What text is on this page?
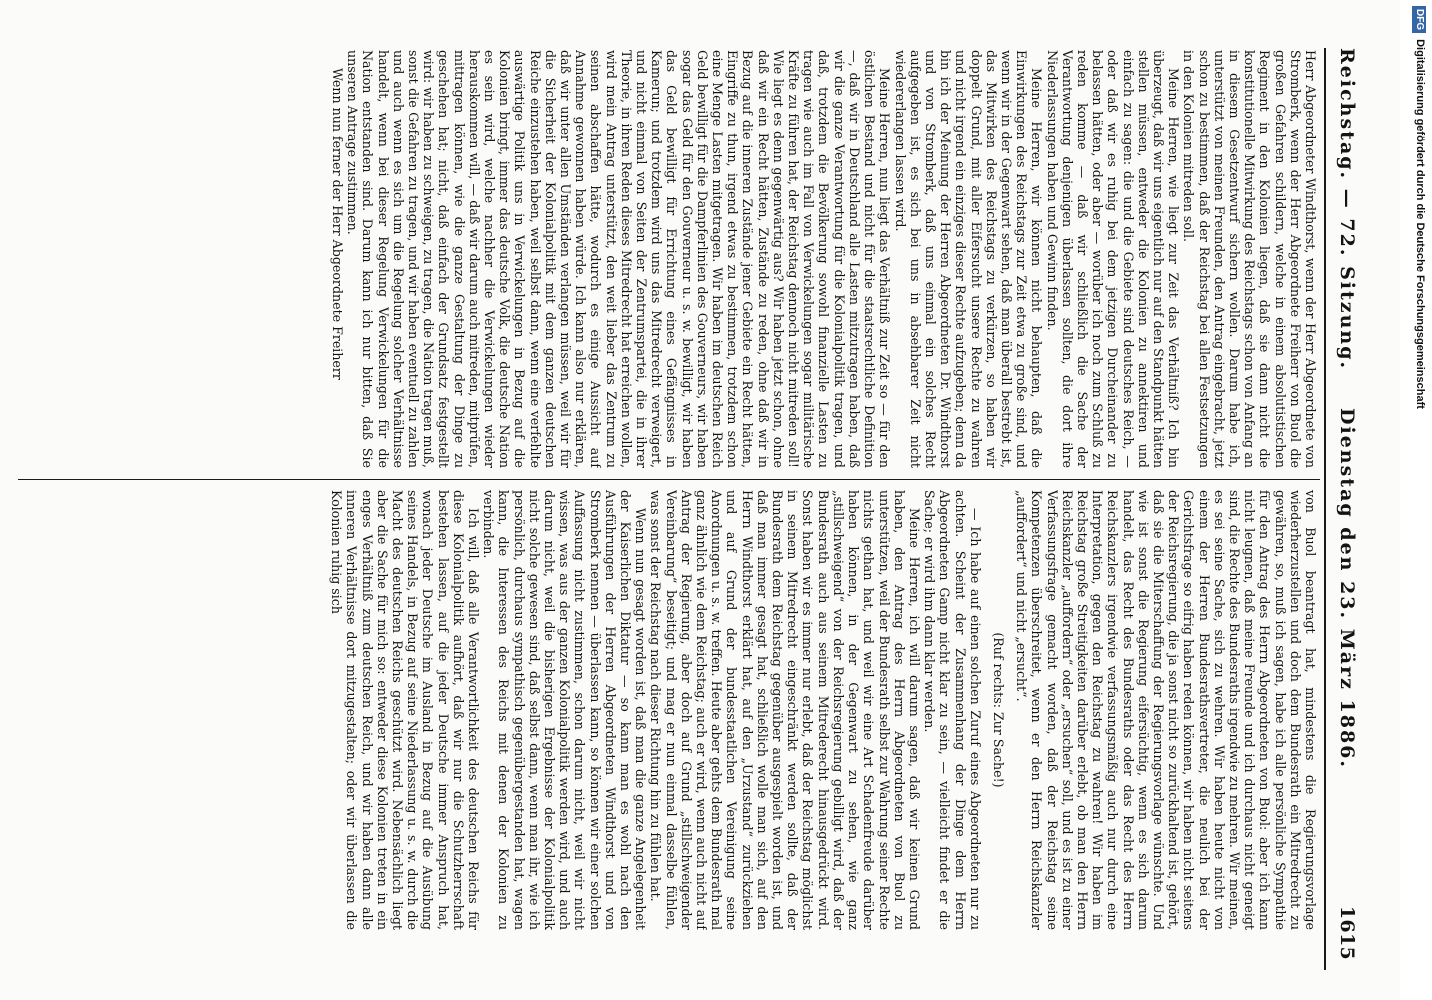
Reichstag. — 72. Sitzung.
Dienstag den 23. März 1886.
1615

Herr Abgeordneter Windthorst, wenn der Herr Abgeordnete von Stromberk, wenn der Herr Abgeordnete Freiherr von Buol die großen Gefahren schildern, welche in einem absolutistischen Regiment in den Kolonien liegen, daß sie dann nicht die konstitutionelle Mitwirkung des Reichstags schon von Anfang an in diesem Gesetzentwurf sichern wollen. Darum habe ich, unterstützt von meinen Freunden, den Antrag eingebracht, jetzt schon zu bestimmen, daß der Reichstag bei allen Festsetzungen in den Kolonien mitreden soll.

Meine Herren, wie liegt zur Zeit das Verhältniß? Ich bin überzeugt, daß wir uns eigentlich nur auf den Standpunkt hätten stellen müssen, entweder die Kolonien zu annektiren und einfach zu sagen: die und die Gebiete sind deutsches Reich, — oder daß wir es ruhig bei dem jetzigen Durcheinander zu belassen hätten, oder aber — worüber ich noch zum Schluß zu reden komme — daß wir schließlich die Sache der Verantwortung denjenigen überlassen sollten, die dort ihre Niederlassungen haben und Gewinn finden.

Meine Herren, wir können nicht behaupten, daß die Einwirkungen des Reichstags zur Zeit etwa zu große sind, und wenn wir in der Gegenwart sehen, daß man überall bestrebt ist, das Mitwirken des Reichstags zu verkürzen, so haben wir doppelt Grund, mit aller Eifersucht unsere Rechte zu wahren und nicht irgend ein einziges dieser Rechte aufzugeben; denn da bin ich der Meinung der Herren Abgeordneten Dr. Windthorst und von Stromberk, daß uns einmal ein solches Recht aufgegeben ist, es sich bei uns in absehbarer Zeit nicht wiedererlangen lassen wird.

Meine Herren, nun liegt das Verhältniß zur Zeit so — für den östlichen Bestand und nicht für die staatsrechtliche Definition —, daß wir in Deutschland alle Lasten mitzutragen haben, daß wir die ganze Verantwortung für die Kolonialpolitik tragen, und daß, trotzdem die Bevölkerung sowohl finanzielle Lasten zu tragen wie auch im Fall von Verwickelungen sogar militärische Kräfte zu führen hat, der Reichstag dennoch nicht mitreden soll! Wie liegt es denn gegenwärtig aus? Wir haben jetzt schon, ohne daß wir ein Recht hätten, Zustände zu reden, ohne daß wir in Bezug auf die inneren Zustände jener Gebiete ein Recht hätten, Eingriffe zu thun, irgend etwas zu bestimmen, trotzdem schon eine Menge Lasten mitgetragen. Wir haben im deutschen Reich Geld bewilligt für die Dampferlinien des Gouverneurs, wir haben sogar das Geld für den Gouverneur u. s. w. bewilligt, wir haben das Geld bewilligt für Errichtung eines Gefängnisses in Kamerun; und trotzdem wird uns das Mitredrecht verweigert, und nicht einmal von Seiten der Zentrumspartei, die in ihrer Theorie, in ihren Reden dieses Mitredrecht hat erreichen wollen, wird mein Antrag unterstützt, den weit lieber das Zentrum zu seinen abschaffen hätte, wodurch es einige Aussicht auf Annahme gewonnen haben würde. Ich kann also nur erklären, daß wir unter allen Umständen verlangen müssen, weil wir für die Sicherheit der Kolonialpolitik mit dem ganzen deutschen Reiche einzustehen haben, weil selbst dann, wenn eine verfehlte auswärtige Politik uns in Verwickelungen in Bezug auf die Kolonien bringt, immer das deutsche Volk, die deutsche Nation es sein wird, welche nachher die Verwickelungen wieder herauskommen will, — daß wir darum auch mitreden, mitprüfen, mittragen können, wie die ganze Gestaltung der Dinge zu geschehen hat; nicht, daß einfach der Grundsatz festgestellt wird: wir haben zu schweigen, zu tragen, die Nation tragen muß, sonst die Gefahren zu tragen, und wir haben eventuell zu zahlen und auch wenn es sich um die Regelung solcher Verhältnisse handelt, wenn bei dieser Regelung Verwickelungen für die Nation entstanden sind. Darum kann ich nur bitten, daß Sie unseren Antrage zustimmen.

Wenn nun ferner der Herr Abgeordnete Freiherr

von Buol beantragt hat, mindestens die Regierungsvorlage wiederherzustellen und doch dem Bundesrath ein Mitredrecht zu gewähren, so, muß ich sagen, habe ich alle persönliche Sympathie für den Antrag des Herrn Abgeordneten von Buol: aber ich kann nicht leugnen, daß meine Freunde und ich durchaus nicht geneigt sind, die Rechte des Bundesraths irgendwie zu mehren. Wir meinen, es sei seine Sache, sich zu wehren. Wir haben heute nicht von einem der Herren Bundesrathsvertreter, die neulich bei der Gerichtsfrage so eifrig haben reden können, wir haben nicht seitens der Reichsregierung, die ja sonst nicht so zurückhaltend ist, gehört, daß sie die Miterschaffung der Regierungsvorlage wünschte. Und wie ist sonst die Regierung eifersüchtig, wenn es sich darum handelt, das Recht des Bundesraths oder das Recht des Herrn Reichskanzlers irgendwie verfassungsmäßig auch nur durch eine Interpretation, gegen den Reichstag zu wahren! Wir haben im Reichstag große Streitigkeiten darüber erlebt, ob man den Herrn Reichskanzler „auffordern“ oder „ersuchen“ soll, und es ist zu einer Verfassungsfrage gemacht worden, daß der Reichstag seine Kompetenzen überschreitet, wenn er den Herrn Reichskanzler „auffordert“ und nicht „ersucht“.

(Ruf rechts: Zur Sache!)

— Ich habe auf einen solchen Zuruf eines Abgeordneten nur zu achten. Scheint der Zusammenhang der Dinge dem Herrn Abgeordneten Gamp nicht klar zu sein, — vielleicht findet er die Sache; er wird ihm dann klar werden.

Meine Herren, ich will darum sagen, daß wir keinen Grund haben, den Antrag des Herrn Abgeordneten von Buol zu unterstützen, weil der Bundesrath selbst zur Wahrung seiner Rechte nichts gethan hat, und weil wir eine Art Schadenfreude darüber haben können, in der Gegenwart zu sehen, wie ganz „stillschweigend“ von der Reichsregierung gebilligt wird, daß der Bundesrath auch aus seinem Mitrederecht hinausgedrückt wird. Sonst haben wir es immer nur erlebt, daß der Reichstag möglichst in seinem Mitredrecht eingeschränkt werden sollte, daß der Bundesrath dem Reichstag gegenüber ausgespielt worden ist, und daß man immer gesagt hat, schließlich wolle man sich, auf den Herrn Windthorst erklärt hat, auf den „Urzustand“ zurückziehen und auf Grund der bundesstaatlichen Vereinigung seine Anordnungen u. s. w. treffen. Heute aber gehts dem Bundesrath mal ganz ähnlich wie dem Reichstag; auch er wird, wenn auch nicht auf Antrag der Regierung, aber doch auf Grund „stillschweigender Vereinbarung“ beseitigt; und mag er nun einmal dasselbe fühlen, was sonst der Reichstag nach dieser Richtung hin zu fühlen hat.

Wenn nun gesagt worden ist, daß man die ganze Angelegenheit der Kaiserlichen Diktatur — so kann man es wohl nach den Ausführungen der Herren Abgeordneten Windthorst und von Stromberk nennen — überlassen kann, so können wir einer solchen Auffassung nicht zustimmen, schon darum nicht, weil wir nicht wissen, was aus der ganzen Kolonialpolitik werden wird, und auch darum nicht, weil die bisherigen Ergebnisse der Kolonialpolitik nicht solche gewesen sind, daß selbst dann, wenn man ihr, wie ich persönlich, durchaus sympathisch gegenübergestanden hat, wagen kann, die Interessen des Reichs mit denen der Kolonien zu verbinden.

Ich will, daß alle Verantwortlichkeit des deutschen Reichs für diese Kolonialpolitik aufhört, daß wir nur die Schutzherrschaft bestehen lassen, auf die jeder Deutsche immer Anspruch hat, wonach jeder Deutsche im Ausland in Bezug auf die Ausübung seines Handels, in Bezug auf seine Niederlassung u. s. w. durch die Macht des deutschen Reichs geschützt wird. Nebensächlich liegt aber die Sache für mich so: entweder diese Kolonien treten in ein enges Verhältniß zum deutschen Reich, und wir haben dann alle inneren Verhältnisse dort mitzugestalten; oder wir überlassen die Kolonien ruhig sich

DFGDigitalisierung gefördert durch die Deutsche Forschungsgemeinschaft
